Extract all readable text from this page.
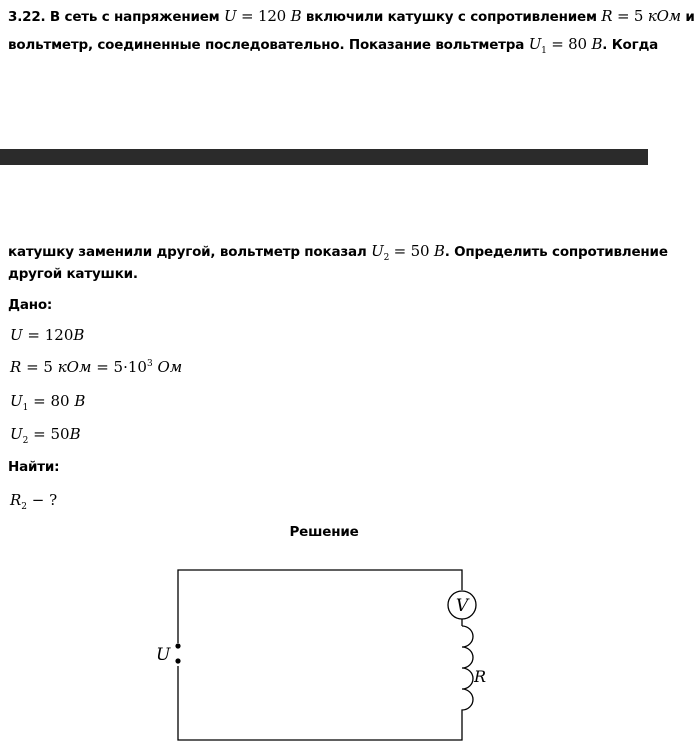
3.22. В сеть с напряжением U = 120 В включили катушку с сопротивлением R = 5 кОм и
вольтметр, соединенные последовательно. Показание вольтметра $U_1 = 80$ В. Когда
катушку заменили другой, вольтметр показал $U_2 = 50$ В. Определить сопротивление
другой катушки.
Дано:
U = 120В
R = 5 кОм = $5\cdot 10^3$ Ом
$U_1 = 80$ В
$U_2 = 50В$
Найти:
$R_2$ − ?
Решение
V
U
R
